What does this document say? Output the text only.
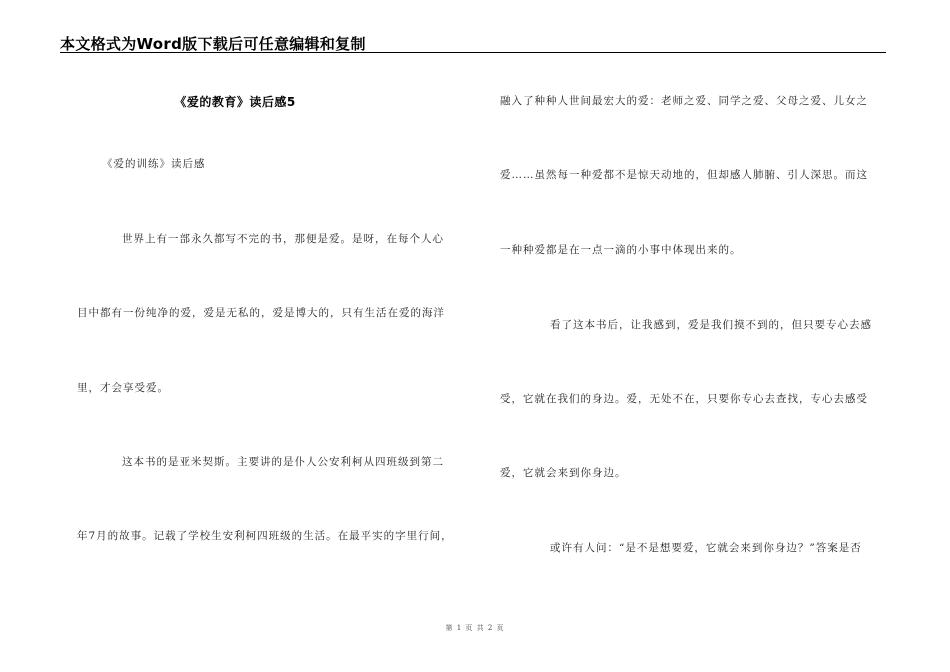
本文格式为Word版下载后可任意编辑和复制
《爱的教育》读后感5
《爱的训练》读后感
世界上有一部永久都写不完的书，那便是爱。是呀，在每个人心
目中都有一份纯净的爱，爱是无私的，爱是博大的，只有生活在爱的海洋
里，才会享受爱。
这本书的是亚米契斯。主要讲的是仆人公安利柯从四班级到第二
年7月的故事。记载了学校生安利柯四班级的生活。在最平实的字里行间，
融入了种种人世间最宏大的爱：老师之爱、同学之爱、父母之爱、儿女之
爱……虽然每一种爱都不是惊天动地的，但却感人肺腑、引人深思。而这
一种种爱都是在一点一滴的小事中体现出来的。
看了这本书后，让我感到，爱是我们摸不到的，但只要专心去感
受，它就在我们的身边。爱，无处不在，只要你专心去查找，专心去感受
爱，它就会来到你身边。
或许有人问：“是不是想要爱，它就会来到你身边？”答案是否
第 1 页 共 2 页
